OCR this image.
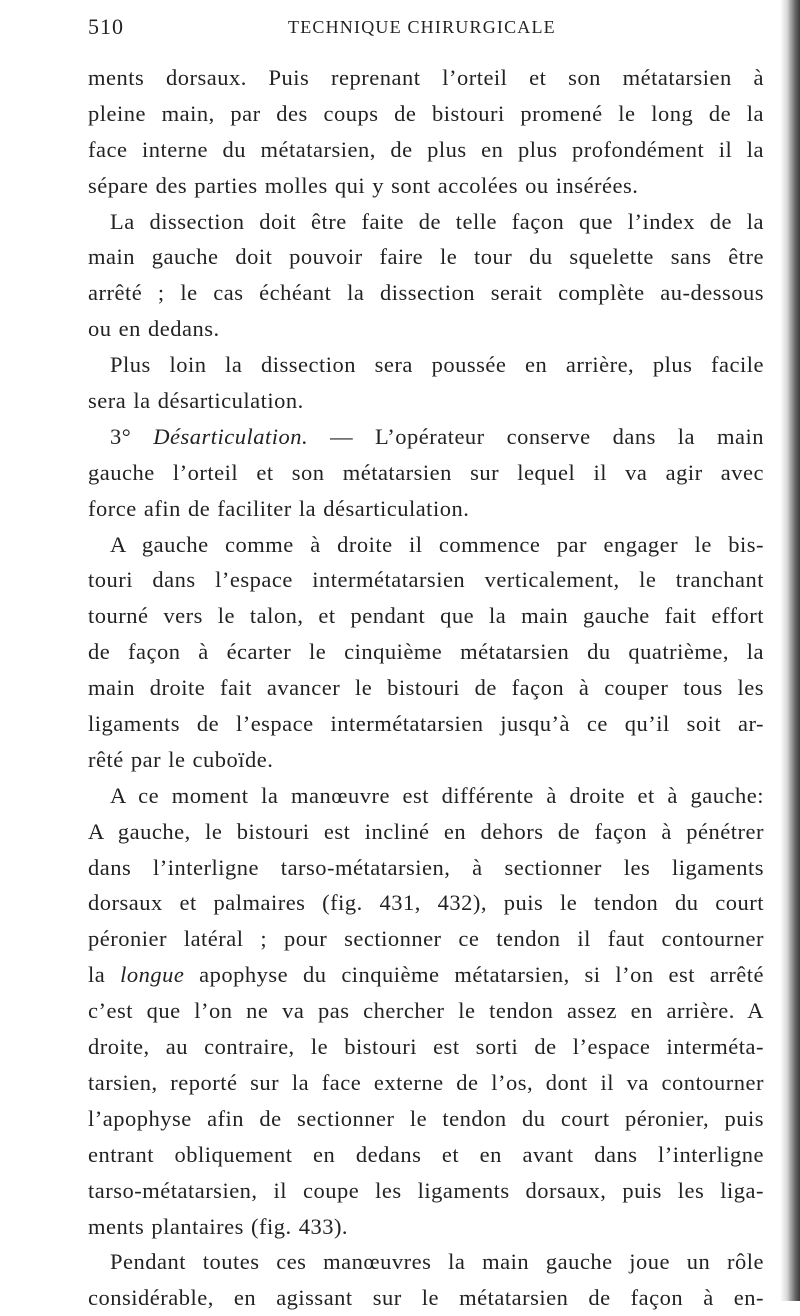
510	TECHNIQUE CHIRURGICALE
ments dorsaux. Puis reprenant l’orteil et son métatarsien à
pleine main, par des coups de bistouri promené le long de la
face interne du métatarsien, de plus en plus profondément il la
sépare des parties molles qui y sont accolées ou insérées.
La dissection doit être faite de telle façon que l’index de la
main gauche doit pouvoir faire le tour du squelette sans être
arrêté ; le cas échéant la dissection serait complète au-dessous
ou en dedans.
Plus loin la dissection sera poussée en arrière, plus facile
sera la désarticulation.
3° Désarticulation. — L’opérateur conserve dans la main
gauche l’orteil et son métatarsien sur lequel il va agir avec
force afin de faciliter la désarticulation.
A gauche comme à droite il commence par engager le bis-
touri dans l’espace intermétatarsien verticalement, le tranchant
tourné vers le talon, et pendant que la main gauche fait effort
de façon à écarter le cinquième métatarsien du quatrième, la
main droite fait avancer le bistouri de façon à couper tous les
ligaments de l’espace intermétatarsien jusqu’à ce qu’il soit ar-
rêté par le cuboïde.
A ce moment la manœuvre est différente à droite et à gauche:
A gauche, le bistouri est incliné en dehors de façon à pénétrer
dans l’interligne tarso-métatarsien, à sectionner les ligaments
dorsaux et palmaires (fig. 431, 432), puis le tendon du court
péronier latéral ; pour sectionner ce tendon il faut contourner
la longue apophyse du cinquième métatarsien, si l’on est arrêté
c’est que l’on ne va pas chercher le tendon assez en arrière. A
droite, au contraire, le bistouri est sorti de l’espace interméta-
tarsien, reporté sur la face externe de l’os, dont il va contourner
l’apophyse afin de sectionner le tendon du court péronier, puis
entrant obliquement en dedans et en avant dans l’interligne
tarso-métatarsien, il coupe les ligaments dorsaux, puis les liga-
ments plantaires (fig. 433).
Pendant toutes ces manœuvres la main gauche joue un rôle
considérable, en agissant sur le métatarsien de façon à en-
